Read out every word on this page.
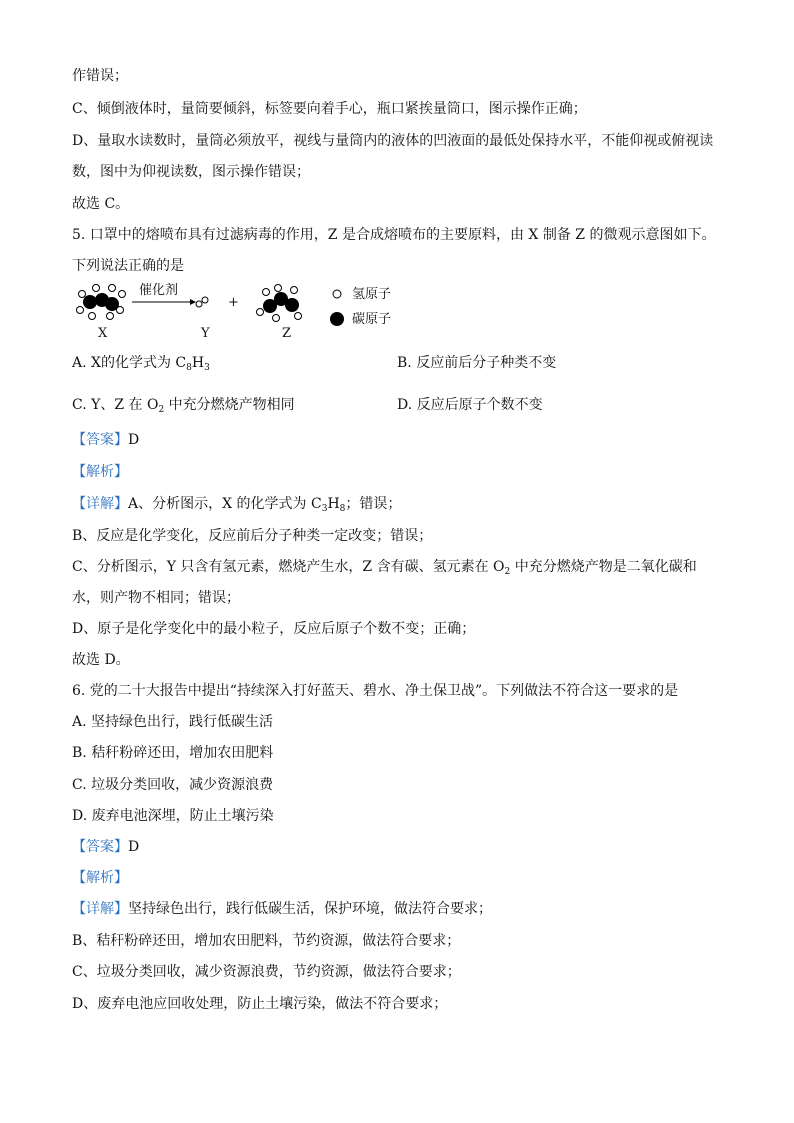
作错误；
C、倾倒液体时，量筒要倾斜，标签要向着手心，瓶口紧挨量筒口，图示操作正确；
D、量取水读数时，量筒必须放平，视线与量筒内的液体的凹液面的最低处保持水平，不能仰视或俯视读
数，图中为仰视读数，图示操作错误；
故选 C。
5. 口罩中的熔喷布具有过滤病毒的作用，Z 是合成熔喷布的主要原料，由 X 制备 Z 的微观示意图如下。
下列说法正确的是
催化剂
+
X	Y	Z
氢原子
碳原子
A. X的化学式为 $C_8H_3$	B. 反应前后分子种类不变
C. Y、Z 在 $O_2$ 中充分燃烧产物相同	D. 反应后原子个数不变
【答案】D
【解析】
【详解】A、分析图示，X 的化学式为 $C_3H_8$；错误；
B、反应是化学变化，反应前后分子种类一定改变；错误；
C、分析图示，Y 只含有氢元素，燃烧产生水，Z 含有碳、氢元素在 $O_2$ 中充分燃烧产物是二氧化碳和
水，则产物不相同；错误；
D、原子是化学变化中的最小粒子，反应后原子个数不变；正确；
故选 D。
6. 党的二十大报告中提出“持续深入打好蓝天、碧水、净土保卫战”。下列做法不符合这一要求的是
A. 坚持绿色出行，践行低碳生活
B. 秸秆粉碎还田，增加农田肥料
C. 垃圾分类回收，减少资源浪费
D. 废弃电池深埋，防止土壤污染
【答案】D
【解析】
【详解】坚持绿色出行，践行低碳生活，保护环境，做法符合要求；
B、秸秆粉碎还田，增加农田肥料，节约资源，做法符合要求；
C、垃圾分类回收，减少资源浪费，节约资源，做法符合要求；
D、废弃电池应回收处理，防止土壤污染，做法不符合要求；
